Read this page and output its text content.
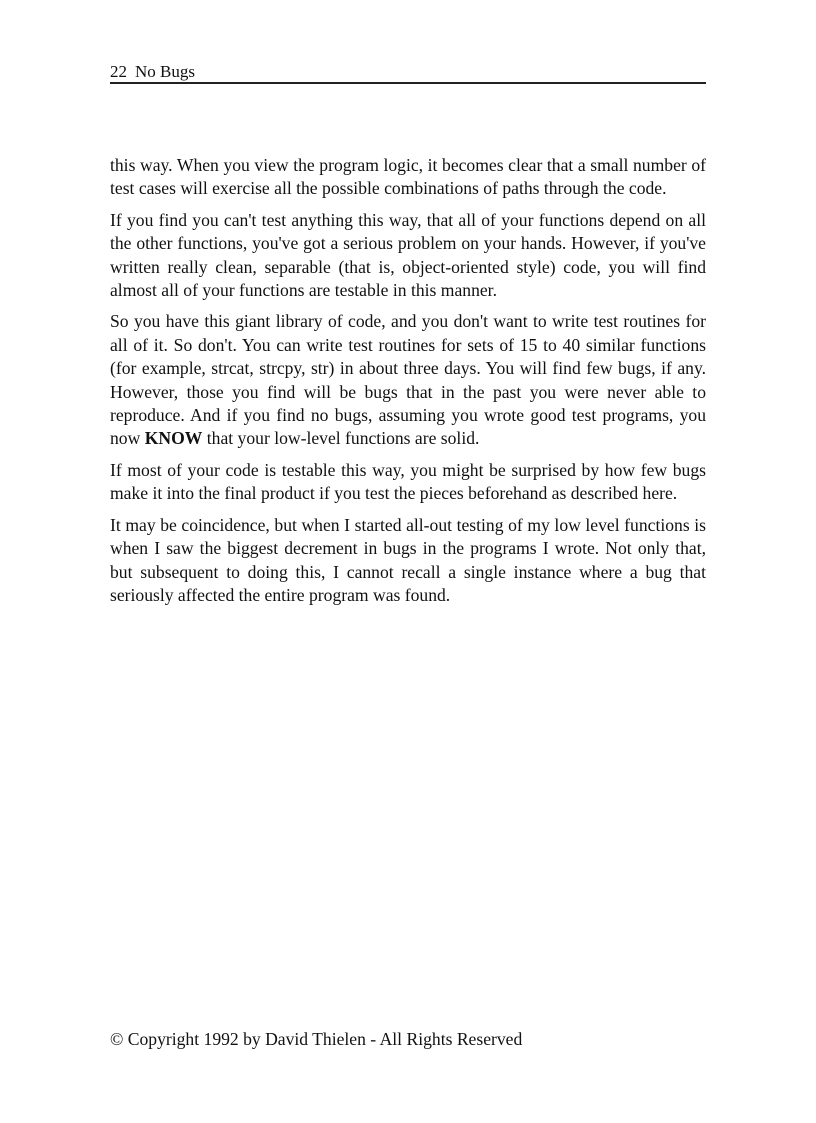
22 No Bugs

this way. When you view the program logic, it becomes clear that a small number of test cases will exercise all the possible combinations of paths through the code.

If you find you can't test anything this way, that all of your functions depend on all the other functions, you've got a serious problem on your hands. However, if you've written really clean, separable (that is, object-oriented style) code, you will find almost all of your functions are testable in this manner.

So you have this giant library of code, and you don't want to write test routines for all of it. So don't. You can write test routines for sets of 15 to 40 similar functions (for example, strcat, strcpy, str) in about three days. You will find few bugs, if any. However, those you find will be bugs that in the past you were never able to reproduce. And if you find no bugs, assuming you wrote good test programs, you now KNOW that your low-level functions are solid.

If most of your code is testable this way, you might be surprised by how few bugs make it into the final product if you test the pieces beforehand as described here.

It may be coincidence, but when I started all-out testing of my low level functions is when I saw the biggest decrement in bugs in the programs I wrote. Not only that, but subsequent to doing this, I cannot recall a single instance where a bug that seriously affected the entire program was found.

© Copyright 1992 by David Thielen - All Rights Reserved
